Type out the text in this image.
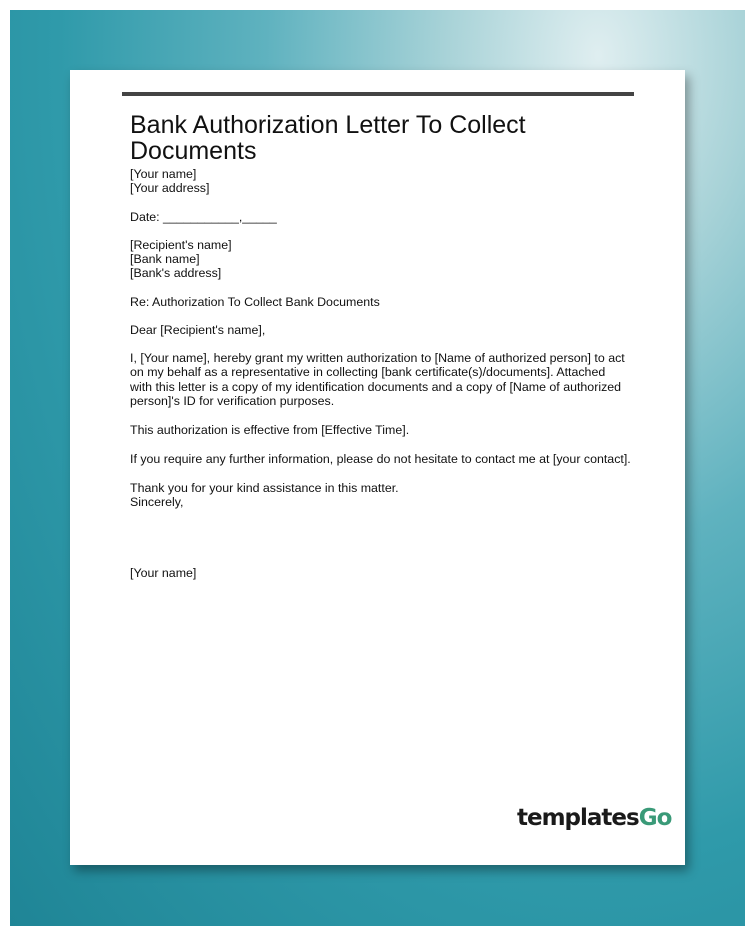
Bank Authorization Letter To Collect Documents
[Your name]
[Your address]
Date: ___________,_____
[Recipient's name]
[Bank name]
[Bank's address]
Re: Authorization To Collect Bank Documents
Dear [Recipient's name],
I, [Your name], hereby grant my written authorization to [Name of authorized person] to act on my behalf as a representative in collecting [bank certificate(s)/documents]. Attached with this letter is a copy of my identification documents and a copy of [Name of authorized person]'s ID for verification purposes.
This authorization is effective from [Effective Time].
If you require any further information, please do not hesitate to contact me at [your contact].
Thank you for your kind assistance in this matter.
Sincerely,
[Your name]
templatesGo
